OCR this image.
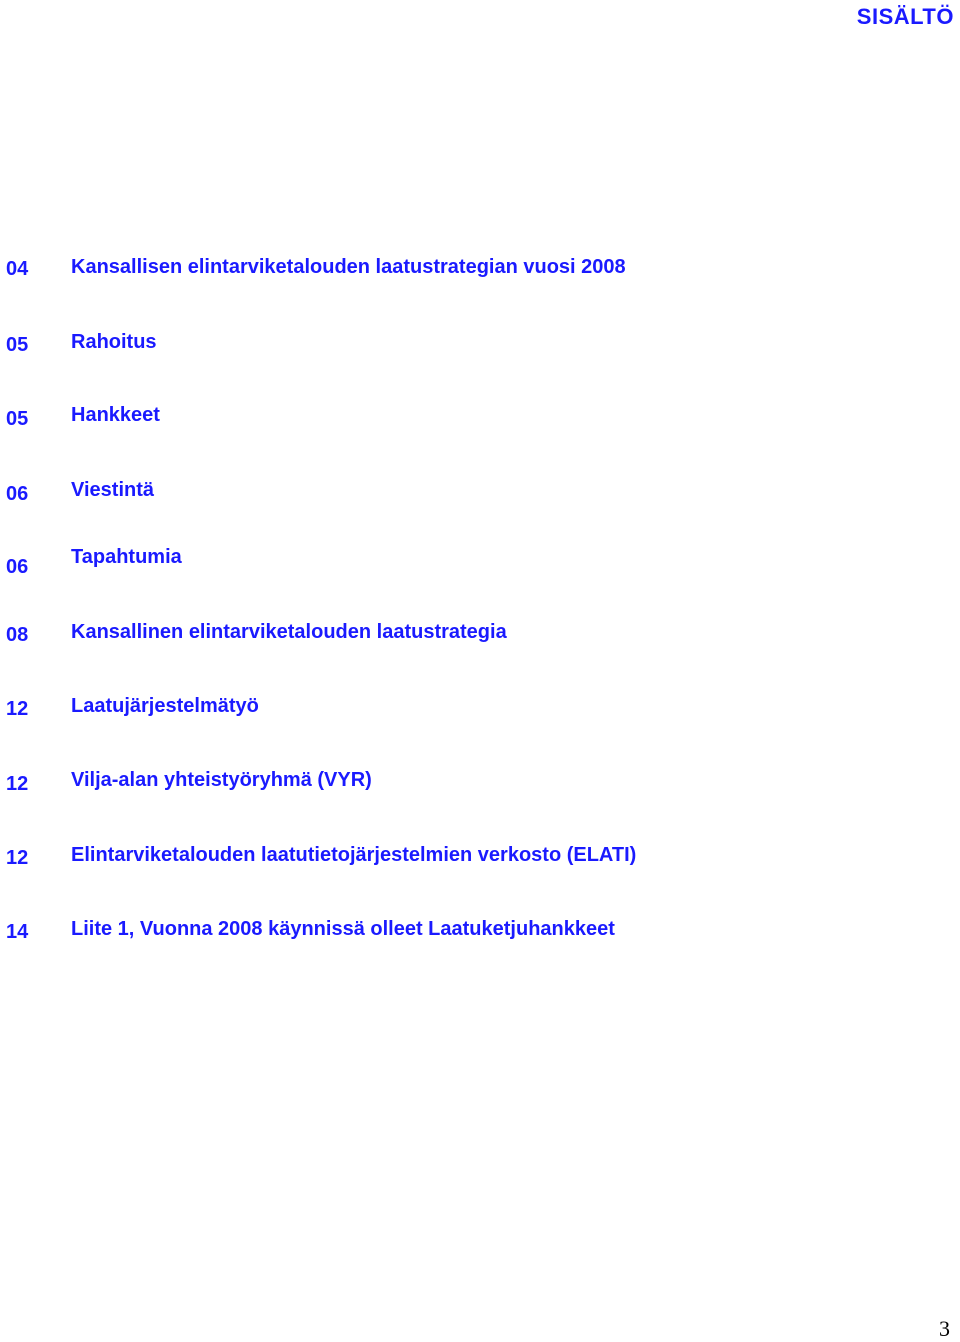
SISÄLTÖ
04 Kansallisen elintarviketalouden laatustrategian vuosi 2008
05 Rahoitus
05 Hankkeet
06 Viestintä
06 Tapahtumia
08 Kansallinen elintarviketalouden laatustrategia
12 Laatujärjestelmätyö
12 Vilja-alan yhteistyöryhmä (VYR)
12 Elintarviketalouden laatutietojärjestelmien verkosto (ELATI)
14 Liite 1, Vuonna 2008 käynnissä olleet Laatuketjuhankkeet
3
